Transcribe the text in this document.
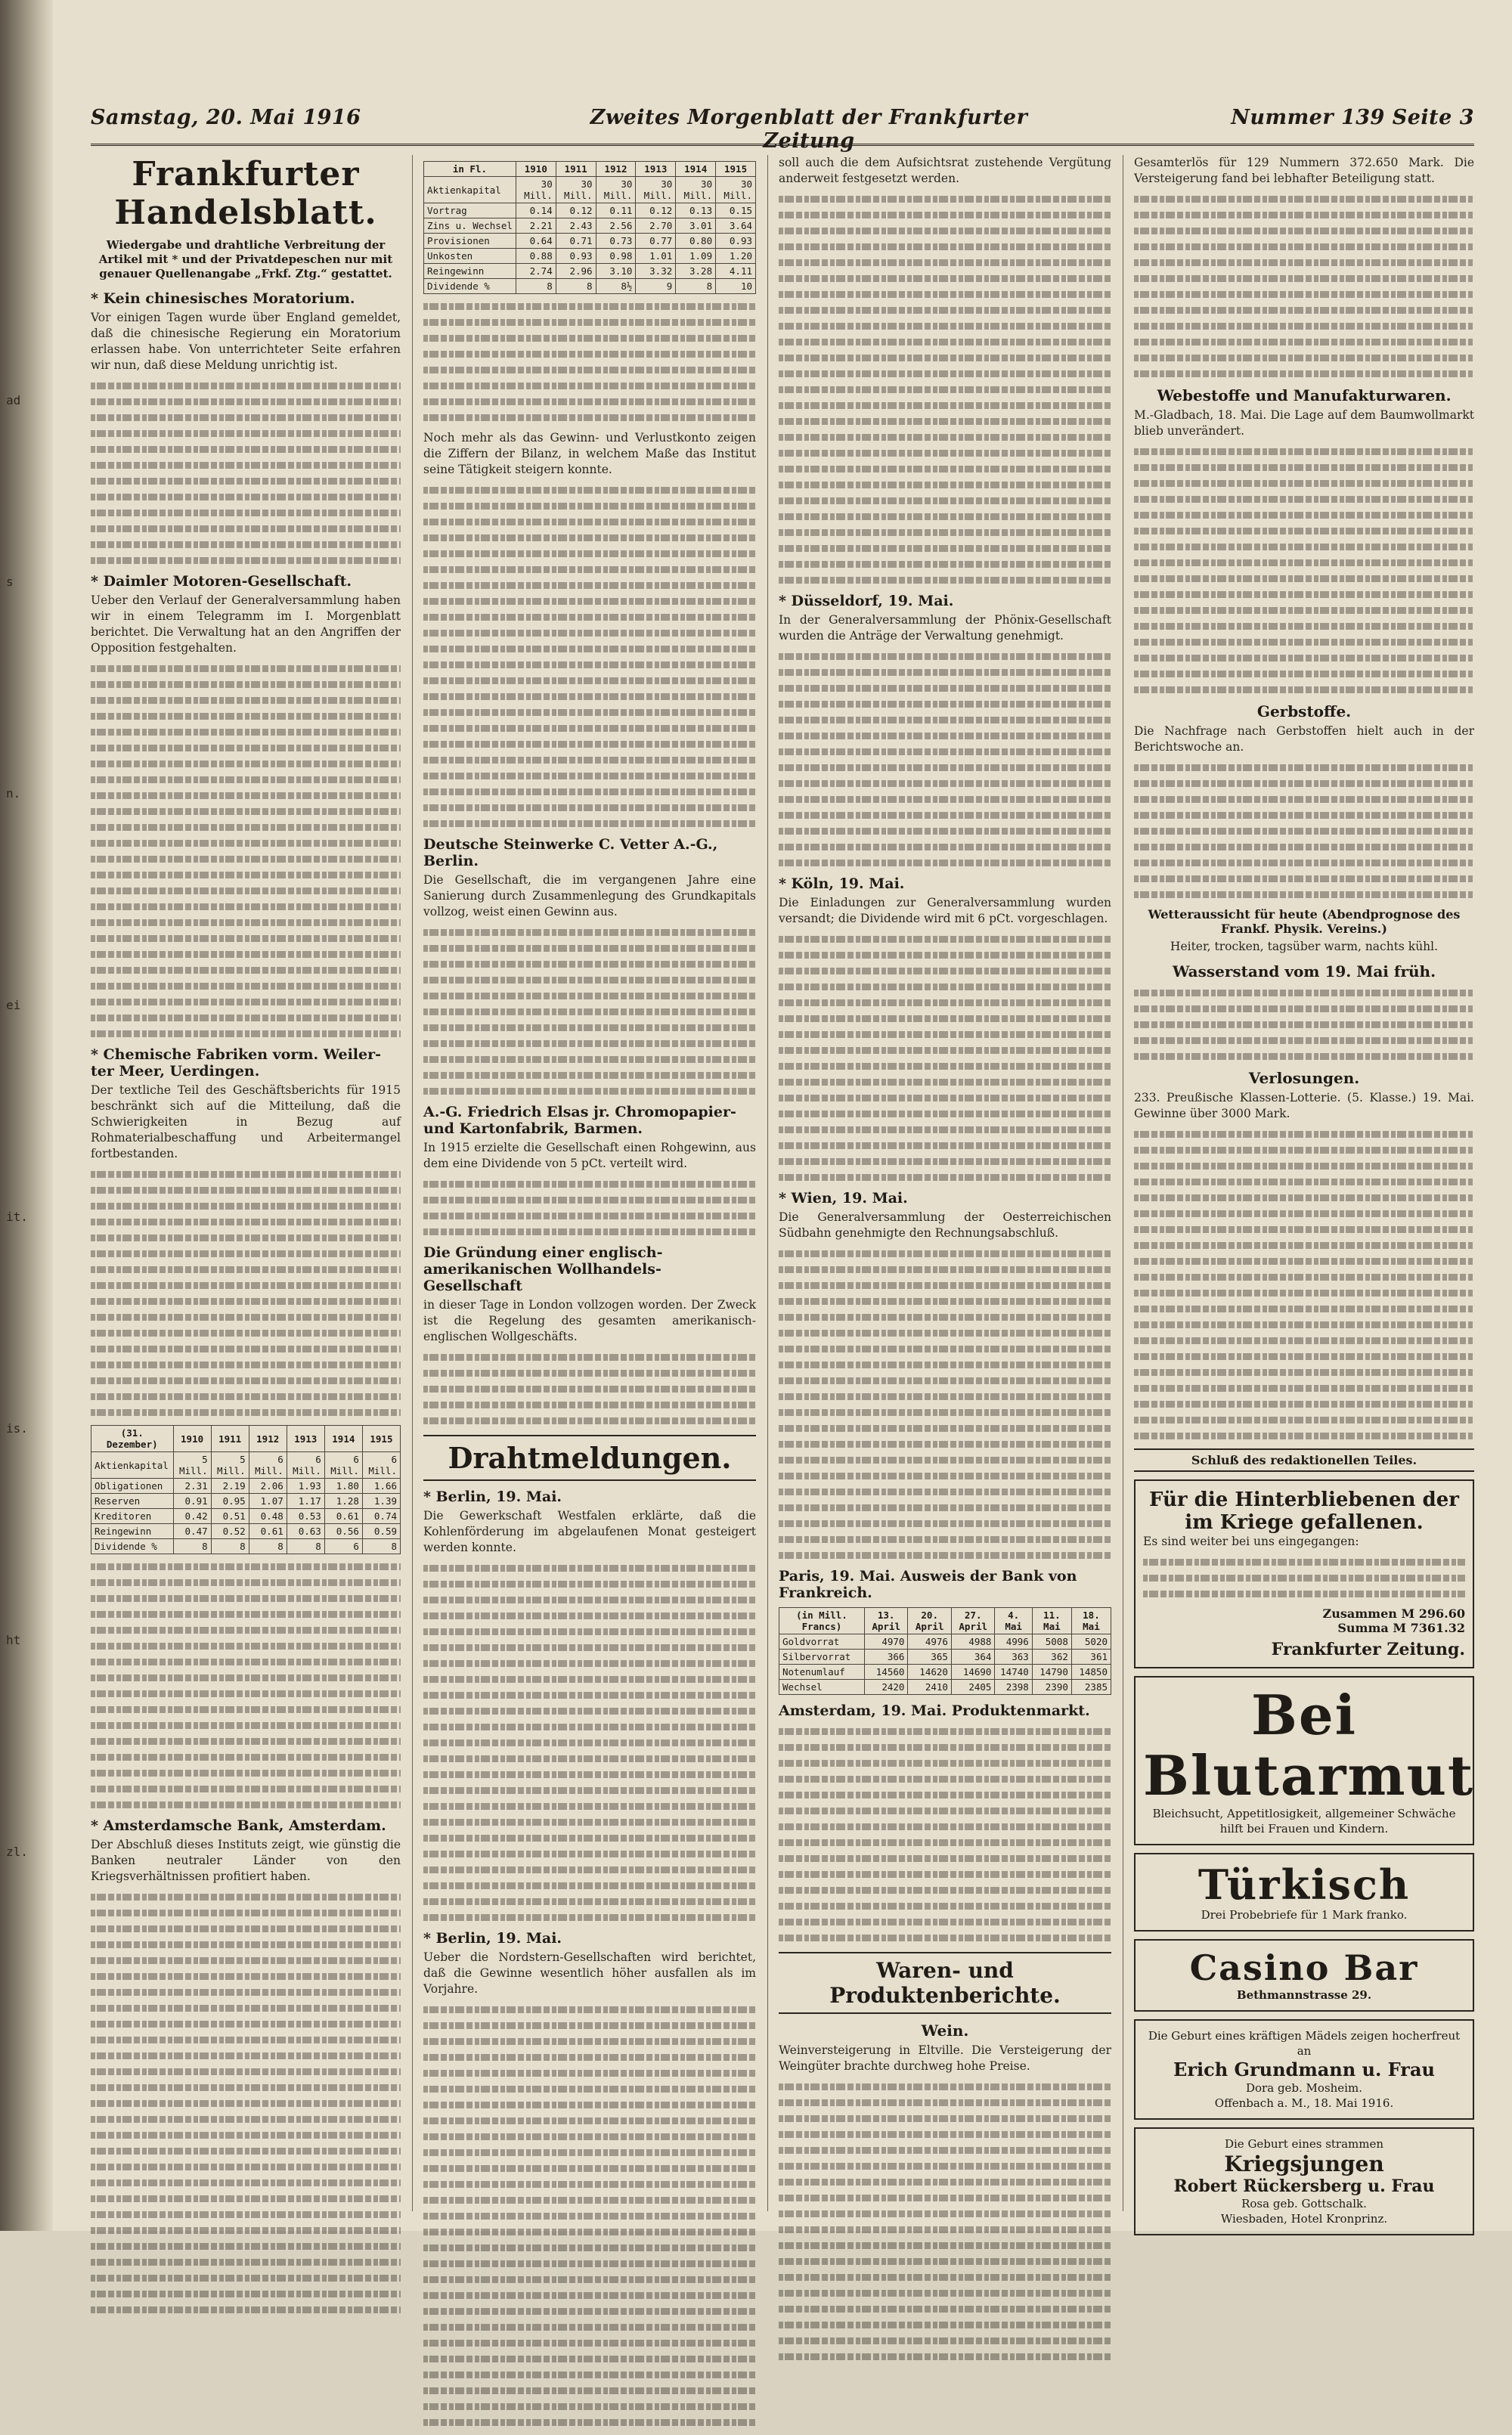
ad
s
n.
ei
it.
is.
ht
zl.
Samstag, 20. Mai 1916	Zweites Morgenblatt der Frankfurter Zeitung
Nummer 139 Seite 3
Frankfurter Handelsblatt.
Wiedergabe und drahtliche Verbreitung der Artikel mit * und der Privatdepeschen nur mit genauer Quellenangabe „Frkf. Ztg.“ gestattet.
* Kein chinesisches Moratorium.

Vor einigen Tagen wurde über England gemeldet, daß die chinesische Regierung ein Moratorium erlassen habe. Von unterrichteter Seite erfahren wir nun, daß diese Meldung unrichtig ist.

* Daimler Motoren-Gesellschaft.

Ueber den Verlauf der Generalversammlung haben wir in einem Telegramm im I. Morgenblatt berichtet. Die Verwaltung hat an den Angriffen der Opposition festgehalten.

* Chemische Fabriken vorm. Weiler-ter Meer, Uerdingen.

Der textliche Teil des Geschäftsberichts für 1915 beschränkt sich auf die Mitteilung, daß die Schwierigkeiten in Bezug auf Rohmaterialbeschaffung und Arbeitermangel fortbestanden.

(31. Dezember)	1910	1911	1912	1913	1914	1915
Aktienkapital	5 Mill.	5 Mill.	6 Mill.	6 Mill.	6 Mill.	6 Mill.
Obligationen	2.31	2.19	2.06	1.93	1.80	1.66
Reserven	0.91	0.95	1.07	1.17	1.28	1.39
Kreditoren	0.42	0.51	0.48	0.53	0.61	0.74
Reingewinn	0.47	0.52	0.61	0.63	0.56	0.59
Dividende %	8	8	8	8	6	8
* Amsterdamsche Bank, Amsterdam.

Der Abschluß dieses Instituts zeigt, wie günstig die Banken neutraler Länder von den Kriegsverhältnissen profitiert haben.

in Fl.	1910	1911	1912	1913	1914	1915
Aktienkapital	30 Mill.	30 Mill.	30 Mill.	30 Mill.	30 Mill.	30 Mill.
Vortrag	0.14	0.12	0.11	0.12	0.13	0.15
Zins u. Wechsel	2.21	2.43	2.56	2.70	3.01	3.64
Provisionen	0.64	0.71	0.73	0.77	0.80	0.93
Unkosten	0.88	0.93	0.98	1.01	1.09	1.20
Reingewinn	2.74	2.96	3.10	3.32	3.28	4.11
Dividende %	8	8	8½	9	8	10

Noch mehr als das Gewinn- und Verlustkonto zeigen die Ziffern der Bilanz, in welchem Maße das Institut seine Tätigkeit steigern konnte.

Deutsche Steinwerke C. Vetter A.-G., Berlin.

Die Gesellschaft, die im vergangenen Jahre eine Sanierung durch Zusammenlegung des Grundkapitals vollzog, weist einen Gewinn aus.

A.-G. Friedrich Elsas jr. Chromopapier- und Kartonfabrik, Barmen.

In 1915 erzielte die Gesellschaft einen Rohgewinn, aus dem eine Dividende von 5 pCt. verteilt wird.

Die Gründung einer englisch-amerikanischen Wollhandels-Gesellschaft

in dieser Tage in London vollzogen worden. Der Zweck ist die Regelung des gesamten amerikanisch-englischen Wollgeschäfts.

Drahtmeldungen.
* Berlin, 19. Mai.

Die Gewerkschaft Westfalen erklärte, daß die Kohlenförderung im abgelaufenen Monat gesteigert werden konnte.

* Berlin, 19. Mai.

Ueber die Nordstern-Gesellschaften wird berichtet, daß die Gewinne wesentlich höher ausfallen als im Vorjahre.

soll auch die dem Aufsichtsrat zustehende Vergütung anderweit festgesetzt werden.

* Düsseldorf, 19. Mai.

In der Generalversammlung der Phönix-Gesellschaft wurden die Anträge der Verwaltung genehmigt.

* Köln, 19. Mai.

Die Einladungen zur Generalversammlung wurden versandt; die Dividende wird mit 6 pCt. vorgeschlagen.

* Wien, 19. Mai.

Die Generalversammlung der Oesterreichischen Südbahn genehmigte den Rechnungsabschluß.

Paris, 19. Mai. Ausweis der Bank von Frankreich.
(in Mill. Francs)	13. April	20. April	27. April	4. Mai	11. Mai	18. Mai
Goldvorrat	4970	4976	4988	4996	5008	5020
Silbervorrat	366	365	364	363	362	361
Notenumlauf	14560	14620	14690	14740	14790	14850
Wechsel	2420	2410	2405	2398	2390	2385
Amsterdam, 19. Mai. Produktenmarkt.
Waren- und Produktenberichte.
Wein.

Weinversteigerung in Eltville. Die Versteigerung der Weingüter brachte durchweg hohe Preise.

Gesamterlös für 129 Nummern 372.650 Mark. Die Versteigerung fand bei lebhafter Beteiligung statt.

Webestoffe und Manufakturwaren.

M.-Gladbach, 18. Mai. Die Lage auf dem Baumwollmarkt blieb unverändert.

Gerbstoffe.

Die Nachfrage nach Gerbstoffen hielt auch in der Berichtswoche an.

Wetteraussicht für heute (Abendprognose des Frankf. Physik. Vereins.)

Heiter, trocken, tagsüber warm, nachts kühl.

Wasserstand vom 19. Mai früh.
Verlosungen.

233. Preußische Klassen-Lotterie. (5. Klasse.) 19. Mai. Gewinne über 3000 Mark.

Schluß des redaktionellen Teiles.
Für die Hinterbliebenen der im Kriege gefallenen.

Es sind weiter bei uns eingegangen:

Zusammen M 296.60
Summa M 7361.32
Frankfurter Zeitung.
Bei Blutarmut
Bleichsucht, Appetitlosigkeit, allgemeiner Schwäche hilft bei Frauen und Kindern.
Türkisch
Drei Probebriefe für 1 Mark franko.
Casino Bar
Bethmannstrasse 29.
Die Geburt eines kräftigen Mädels zeigen hocherfreut an
Erich Grundmann u. Frau
Dora geb. Mosheim.
Offenbach a. M., 18. Mai 1916.
Die Geburt eines strammen
Kriegsjungen
Robert Rückersberg u. Frau
Rosa geb. Gottschalk.
Wiesbaden, Hotel Kronprinz.
